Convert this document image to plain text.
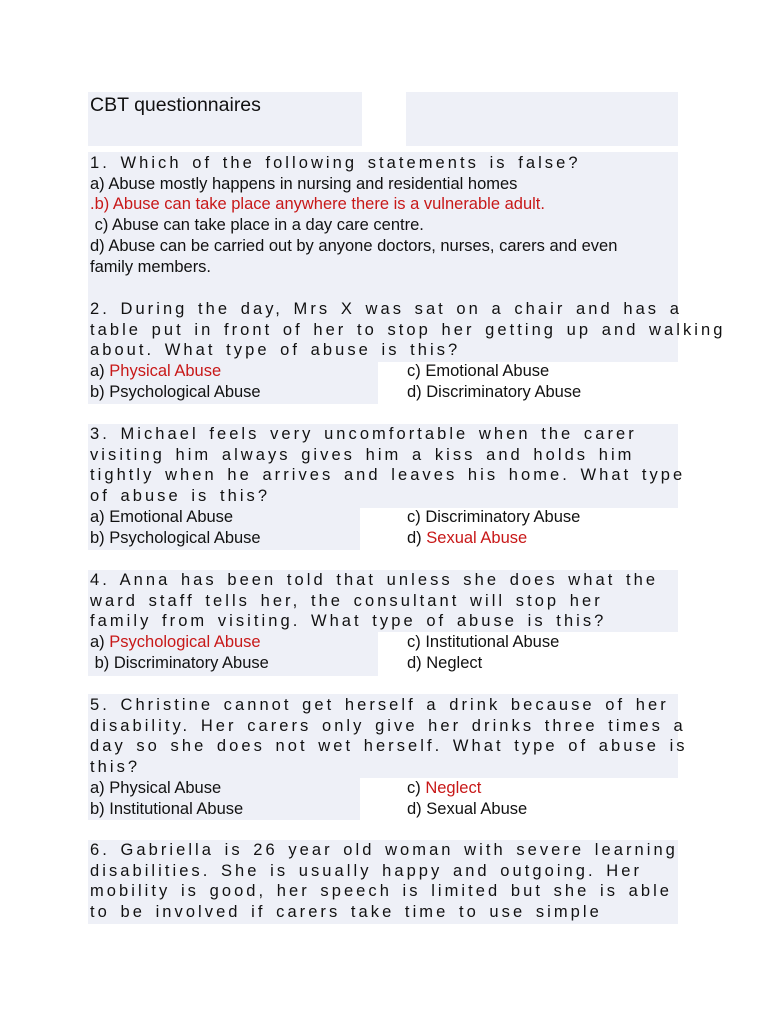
CBT questionnaires
1. Which of the following statements is false?
a) Abuse mostly happens in nursing and residential homes
.b) Abuse can take place anywhere there is a vulnerable adult.
c) Abuse can take place in a day care centre.
d) Abuse can be carried out by anyone doctors, nurses, carers and even
family members.
2. During the day, Mrs X was sat on a chair and has a
table put in front of her to stop her getting up and walking
about. What type of abuse is this?
a) Physical Abuse	c) Emotional Abuse
b) Psychological Abuse	d) Discriminatory Abuse
3. Michael feels very uncomfortable when the carer
visiting him always gives him a kiss and holds him
tightly when he arrives and leaves his home. What type
of abuse is this?
a) Emotional Abuse	c) Discriminatory Abuse
b) Psychological Abuse	d) Sexual Abuse
4. Anna has been told that unless she does what the
ward staff tells her, the consultant will stop her
family from visiting. What type of abuse is this?
a) Psychological Abuse	c) Institutional Abuse
b) Discriminatory Abuse	d) Neglect
5. Christine cannot get herself a drink because of her
disability. Her carers only give her drinks three times a
day so she does not wet herself. What type of abuse is
this?
a) Physical Abuse	c) Neglect
b) Institutional Abuse	d) Sexual Abuse
6. Gabriella is 26 year old woman with severe learning
disabilities. She is usually happy and outgoing. Her
mobility is good, her speech is limited but she is able
to be involved if carers take time to use simple
